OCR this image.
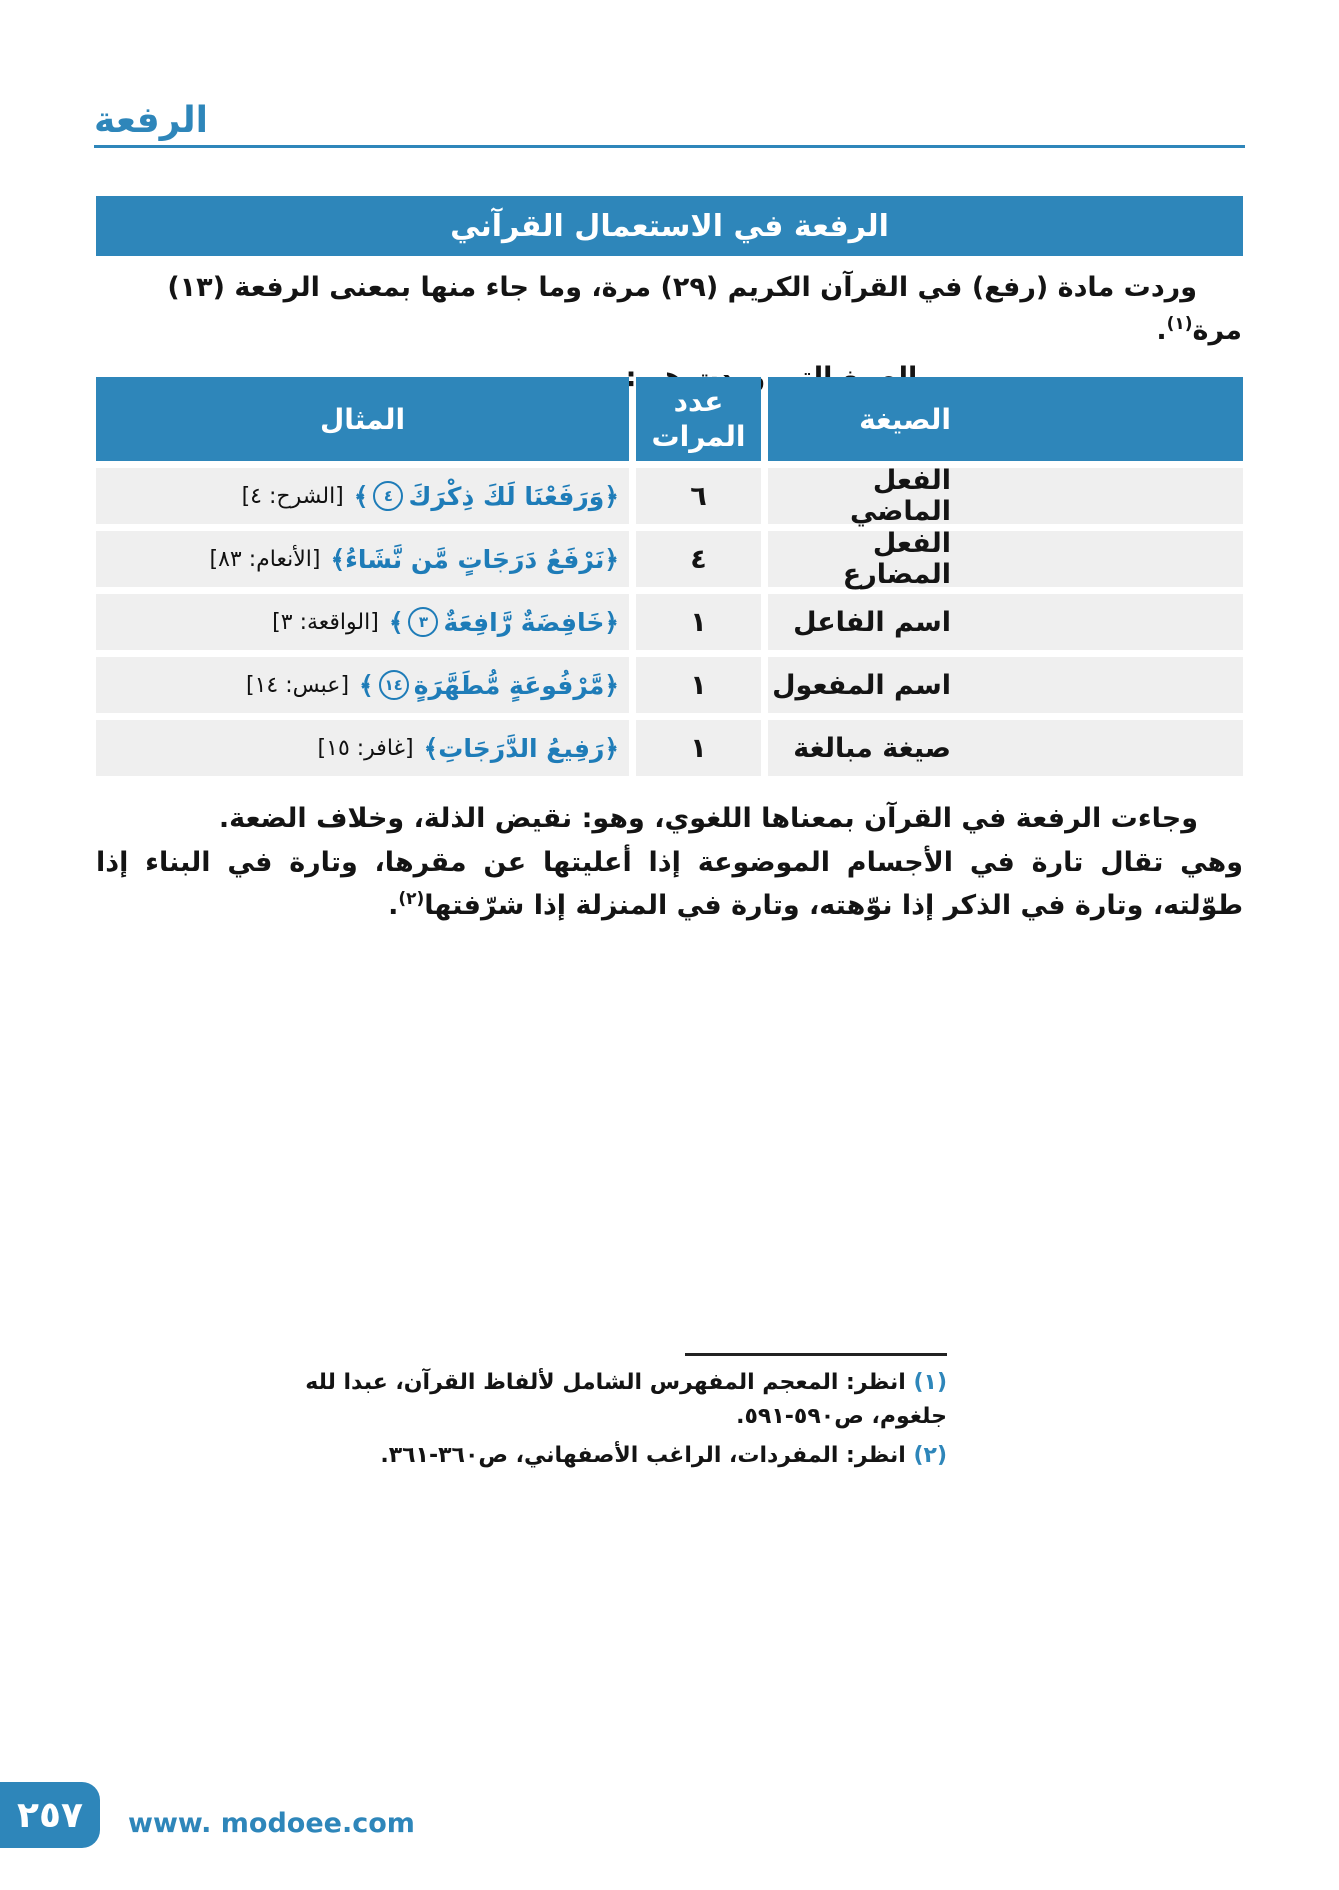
الرفعة
الرفعة في الاستعمال القرآني

وردت مادة (رفع) في القرآن الكريم (٢٩) مرة، وما جاء منها بمعنى الرفعة (١٣) مرة$^{(١)}$.

الصيغة
عدد المرات
المثال
الفعل الماضي
٦
﴿وَرَفَعْنَا لَكَ ذِكْرَكَ
٤
﴾
[الشرح: ٤]
الفعل المضارع
٤
﴿نَرْفَعُ دَرَجَاتٍ مَّن نَّشَاءُ
﴾
[الأنعام: ٨٣]
اسم الفاعل
١
﴿خَافِضَةٌ رَّافِعَةٌ
٣
﴾
[الواقعة: ٣]
اسم المفعول
١
﴿مَّرْفُوعَةٍ مُّطَهَّرَةٍ
١٤
﴾
[عبس: ١٤]
صيغة مبالغة
١
﴿رَفِيعُ الدَّرَجَاتِ
﴾
[غافر: ١٥]

وجاءت الرفعة في القرآن بمعناها اللغوي، وهو: نقيض الذلة، وخلاف الضعة.

وهي تقال تارة في الأجسام الموضوعة إذا أعليتها عن مقرها، وتارة في البناء إذا طوّلته، وتارة في الذكر إذا نوّهته، وتارة في المنزلة إذا شرّفتها$^{(٢)}$.

(١) انظر: المعجم المفهرس الشامل لألفاظ القرآن، عبدا لله جلغوم، ص٥٩٠-٥٩١.

(٢) انظر: المفردات، الراغب الأصفهاني، ص٣٦٠-٣٦١.

٢٥٧ www. modoee.com
